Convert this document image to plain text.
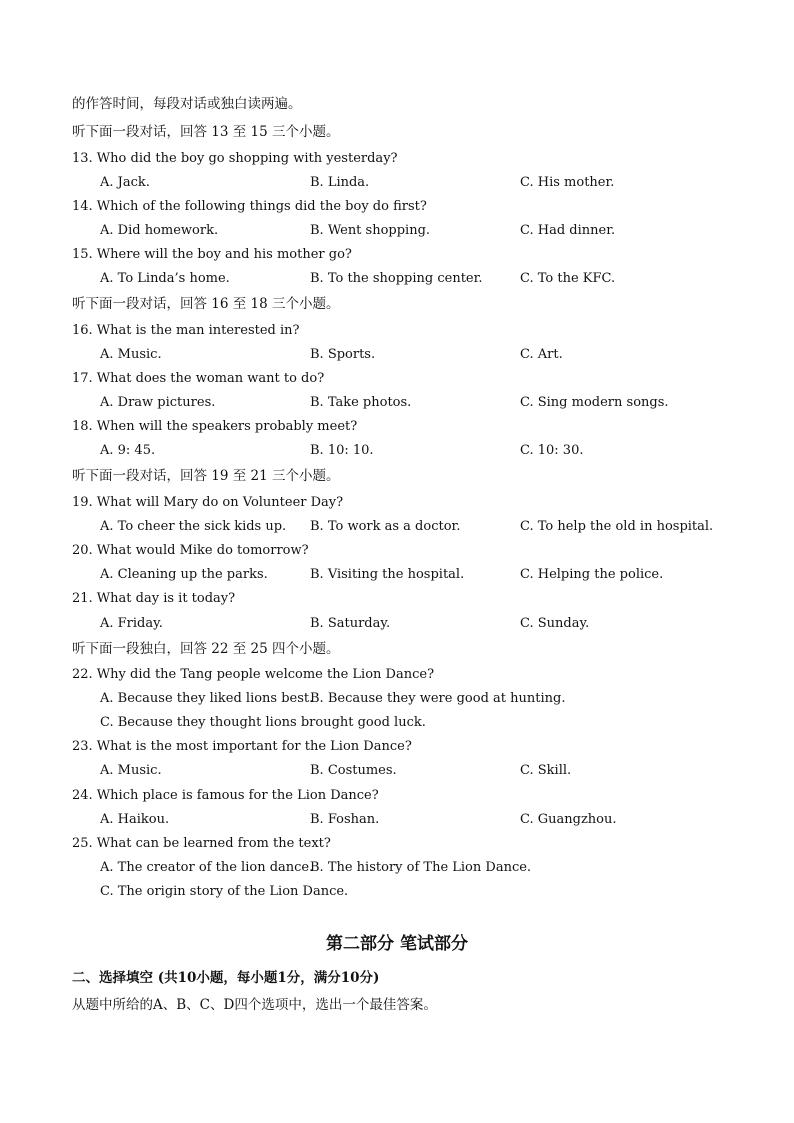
的作答时间，每段对话或独白读两遍。
听下面一段对话，回答 13 至 15 三个小题。
13. Who did the boy go shopping with yesterday?
A. Jack.	B. Linda.	C. His mother.
14. Which of the following things did the boy do first?
A. Did homework.	B. Went shopping.	C. Had dinner.
15. Where will the boy and his mother go?
A. To Linda’s home.	B. To the shopping center.	C. To the KFC.
听下面一段对话，回答 16 至 18 三个小题。
16. What is the man interested in?
A. Music.	B. Sports.	C. Art.
17. What does the woman want to do?
A. Draw pictures.	B. Take photos.	C. Sing modern songs.
18. When will the speakers probably meet?
A. 9: 45.	B. 10: 10.	C. 10: 30.
听下面一段对话，回答 19 至 21 三个小题。
19. What will Mary do on Volunteer Day?
A. To cheer the sick kids up. B. To work as a doctor.	C. To help the old in hospital.
20. What would Mike do tomorrow?
A. Cleaning up the parks.	B. Visiting the hospital.	C. Helping the police.
21. What day is it today?
A. Friday.	B. Saturday.	C. Sunday.
听下面一段独白，回答 22 至 25 四个小题。
22. Why did the Tang people welcome the Lion Dance?
A. Because they liked lions best.
B. Because they were good at hunting.
C. Because they thought lions brought good luck.
23. What is the most important for the Lion Dance?
A. Music.	B. Costumes.	C. Skill.
24. Which place is famous for the Lion Dance?
A. Haikou.	B. Foshan.	C. Guangzhou.
25. What can be learned from the text?
A. The creator of the lion dance.
B. The history of The Lion Dance.
C. The origin story of the Lion Dance.
第二部分 笔试部分
二、选择填空 (共10小题，每小题1分，满分10分)
从题中所给的A、B、C、D四个选项中，选出一个最佳答案。
